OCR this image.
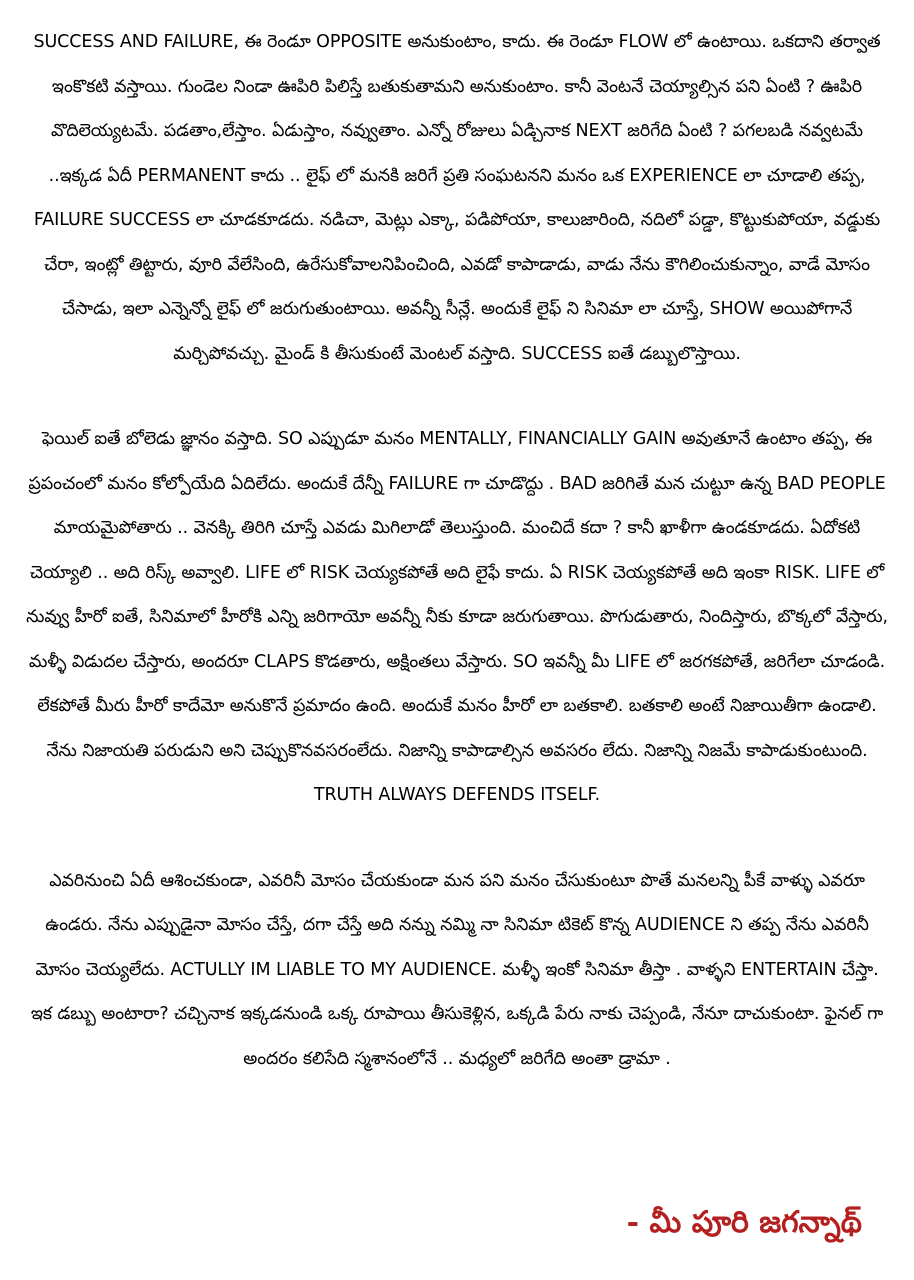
SUCCESS AND FAILURE, ఈ రెండూ OPPOSITE అనుకుంటాం, కాదు. ఈ రెండూ FLOW లో ఉంటాయి. ఒకదాని తర్వాత ఇంకొకటి వస్తాయి. గుండెల నిండా ఊపిరి పిలిస్తే బతుకుతామని అనుకుంటాం. కానీ వెంటనే చెయ్యాల్సిన పని ఏంటి ? ఊపిరి వొదిలెయ్యటమే. పడతాం,లేస్తాం. ఏడుస్తాం, నవ్వుతాం. ఎన్నో రోజులు ఏడ్చినాక NEXT జరిగేది ఏంటి ? పగలబడి నవ్వటమే ..ఇక్కడ ఏదీ PERMANENT కాదు .. లైఫ్ లో మనకి జరిగే ప్రతి సంఘటనని మనం ఒక EXPERIENCE లా చూడాలి తప్ప, FAILURE SUCCESS లా చూడకూడదు. నడిచా, మెట్లు ఎక్కా, పడిపోయా, కాలుజారింది, నదిలో పడ్డా, కొట్టుకుపోయా, వడ్డుకు చేరా, ఇంట్లో తిట్టారు, వూరి వేలేసింది, ఉరేసుకోవాలనిపించింది, ఎవడో కాపాడాడు, వాడు నేను కౌగిలించుకున్నాం, వాడే మోసం చేసాడు, ఇలా ఎన్నెన్నో లైఫ్ లో జరుగుతుంటాయి. అవన్నీ సీన్లే. అందుకే లైఫ్ ని సినిమా లా చూస్తే, SHOW అయిపోగానే మర్చిపోవచ్చు. మైండ్ కి తీసుకుంటే మెంటల్ వస్తాది. SUCCESS ఐతే డబ్బులొస్తాయి.

ఫెయిల్ ఐతే బోలెడు జ్ఞానం వస్తాది. SO ఎప్పుడూ మనం MENTALLY, FINANCIALLY GAIN అవుతూనే ఉంటాం తప్ప, ఈ ప్రపంచంలో మనం కోల్పోయేది ఏదిలేదు. అందుకే దేన్నీ FAILURE గా చూడొద్దు . BAD జరిగితే మన చుట్టూ ఉన్న BAD PEOPLE మాయమైపోతారు .. వెనక్కి తిరిగి చూస్తే ఎవడు మిగిలాడో తెలుస్తుంది. మంచిదే కదా ? కానీ ఖాళీగా ఉండకూడదు. ఏదోకటి చెయ్యాలి .. అది రిస్క్ అవ్వాలి. LIFE లో RISK చెయ్యకపోతే అది లైఫే కాదు. ఏ RISK చెయ్యకపోతే అది ఇంకా RISK. LIFE లో నువ్వు హీరో ఐతే, సినిమాలో హీరోకి ఎన్ని జరిగాయో అవన్నీ నీకు కూడా జరుగుతాయి. పొగుడుతారు, నిందిస్తారు, బొక్కలో వేస్తారు, మళ్ళీ విడుదల చేస్తారు, అందరూ CLAPS కొడతారు, అక్షింతలు వేస్తారు. SO ఇవన్నీ మీ LIFE లో జరగకపోతే, జరిగేలా చూడండి. లేకపోతే మీరు హీరో కాదేమో అనుకొనే ప్రమాదం ఉంది. అందుకే మనం హీరో లా బతకాలి. బతకాలి అంటే నిజాయితీగా ఉండాలి. నేను నిజాయతి పరుడుని అని చెప్పుకొనవసరంలేదు. నిజాన్ని కాపాడాల్సిన అవసరం లేదు. నిజాన్ని నిజమే కాపాడుకుంటుంది. TRUTH ALWAYS DEFENDS ITSELF.

ఎవరినుంచి ఏదీ ఆశించకుండా, ఎవరినీ మోసం చేయకుండా మన పని మనం చేసుకుంటూ పొతే మనలన్ని పీకే వాళ్ళు ఎవరూ ఉండరు. నేను ఎప్పుడైనా మోసం చేస్తే, దగా చేస్తే అది నన్ను నమ్మి నా సినిమా టికెట్ కొన్న AUDIENCE ని తప్ప నేను ఎవరినీ మోసం చెయ్యలేదు. ACTULLY IM LIABLE TO MY AUDIENCE. మళ్ళీ ఇంకో సినిమా తీస్తా . వాళ్ళని ENTERTAIN చేస్తా. ఇక డబ్బు అంటారా? చచ్చినాక ఇక్కడనుండి ఒక్క రూపాయి తీసుకెళ్లిన, ఒక్కడి పేరు నాకు చెప్పండి, నేనూ దాచుకుంటా. ఫైనల్ గా అందరం కలిసేది స్మశానంలోనే .. మధ్యలో జరిగేది అంతా డ్రామా .

- మీ పూరి జగన్నాథ్
